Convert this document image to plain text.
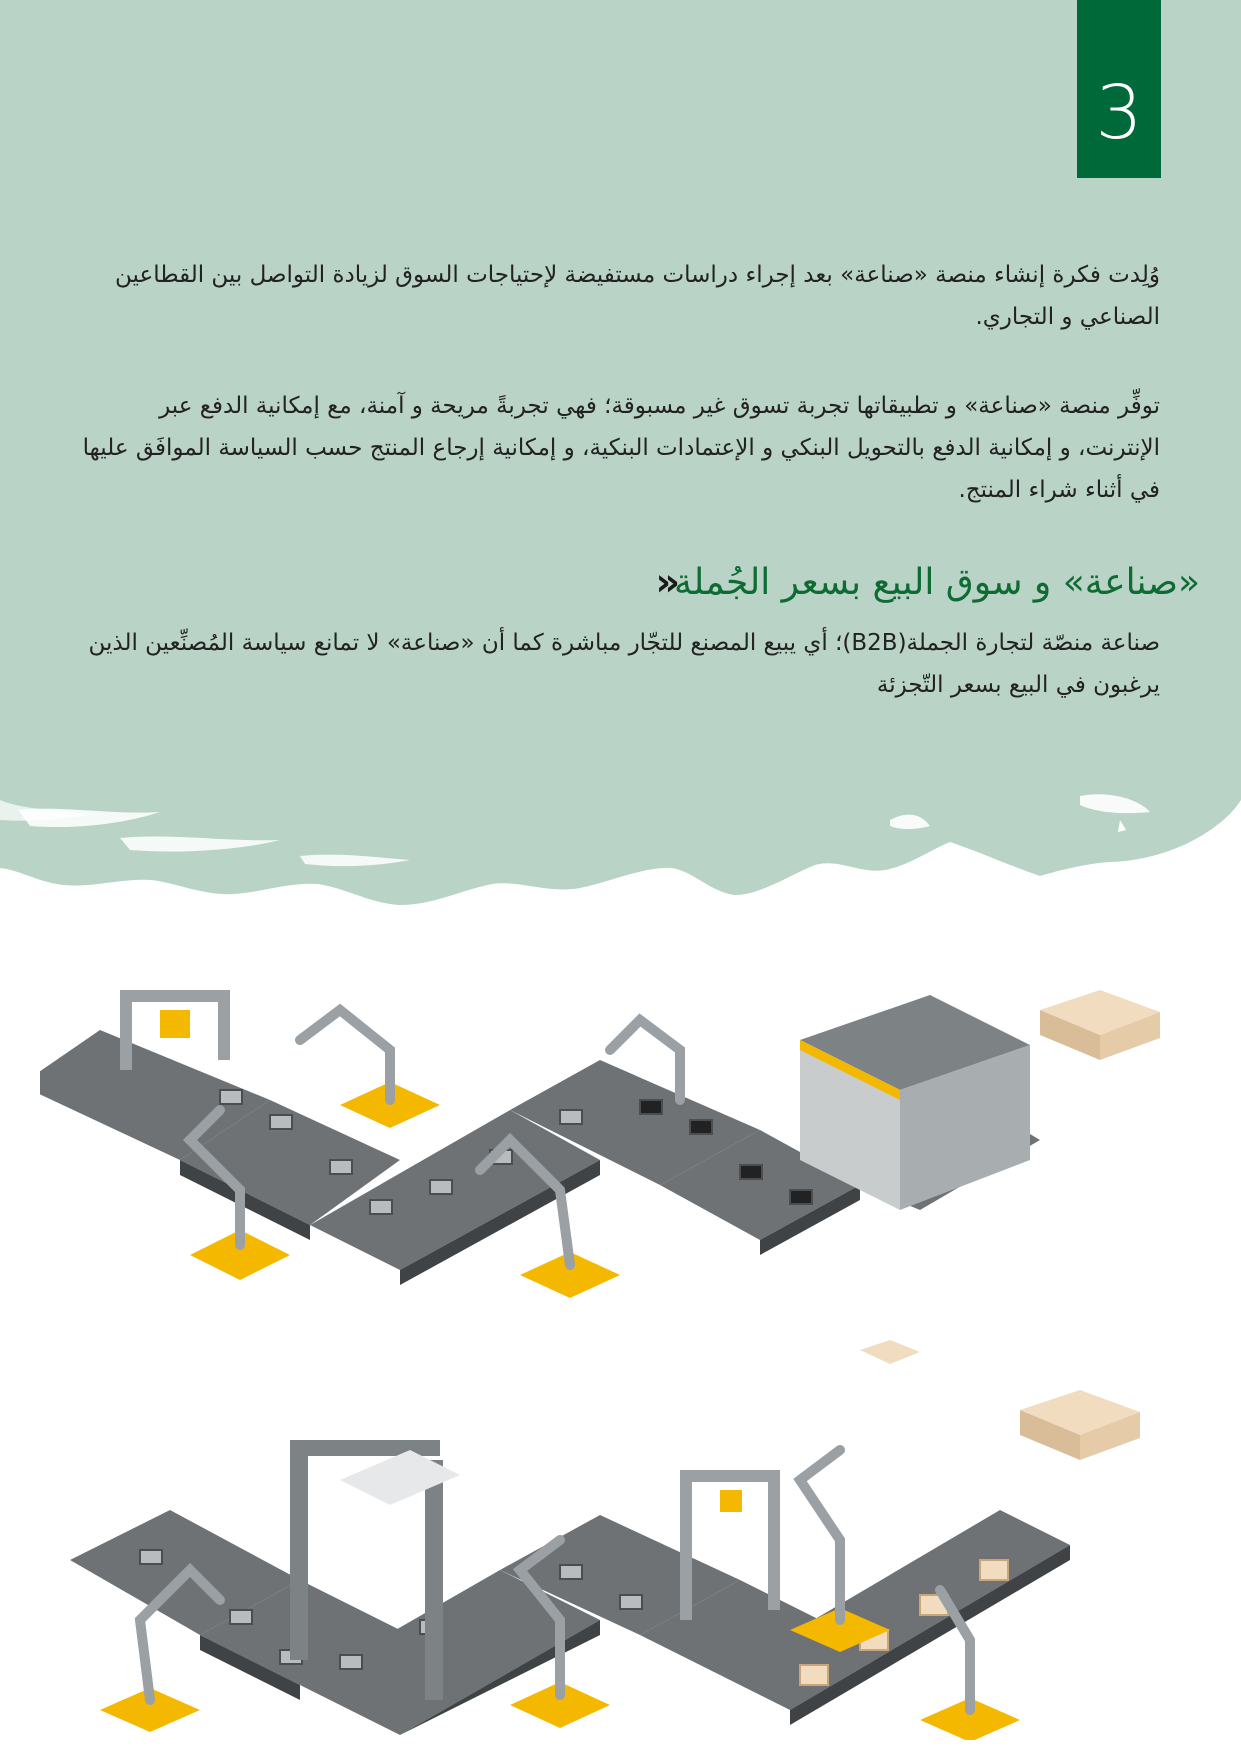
3
وُلِدت فكرة إنشاء منصة «صناعة» بعد إجراء دراسات مستفيضة لإحتياجات السوق لزيادة التواصل بين القطاعين الصناعي و التجاري.
توفِّر منصة «صناعة» و تطبيقاتها تجربة تسوق غير مسبوقة؛ فهي تجربةً مريحة و آمنة، مع إمكانية الدفع عبر الإنترنت، و إمكانية الدفع بالتحويل البنكي و الإعتمادات البنكية، و إمكانية إرجاع المنتج حسب السياسة الموافَق عليها في أثناء شراء المنتج.
«صناعة» و سوق البيع بسعر الجُملة
«
صناعة منصّة لتجارة الجملة(B2B)؛ أي يبيع المصنع للتجّار مباشرة كما أن «صناعة» لا تمانع سياسة المُصنِّعين الذين يرغبون في البيع بسعر التّجزئة
